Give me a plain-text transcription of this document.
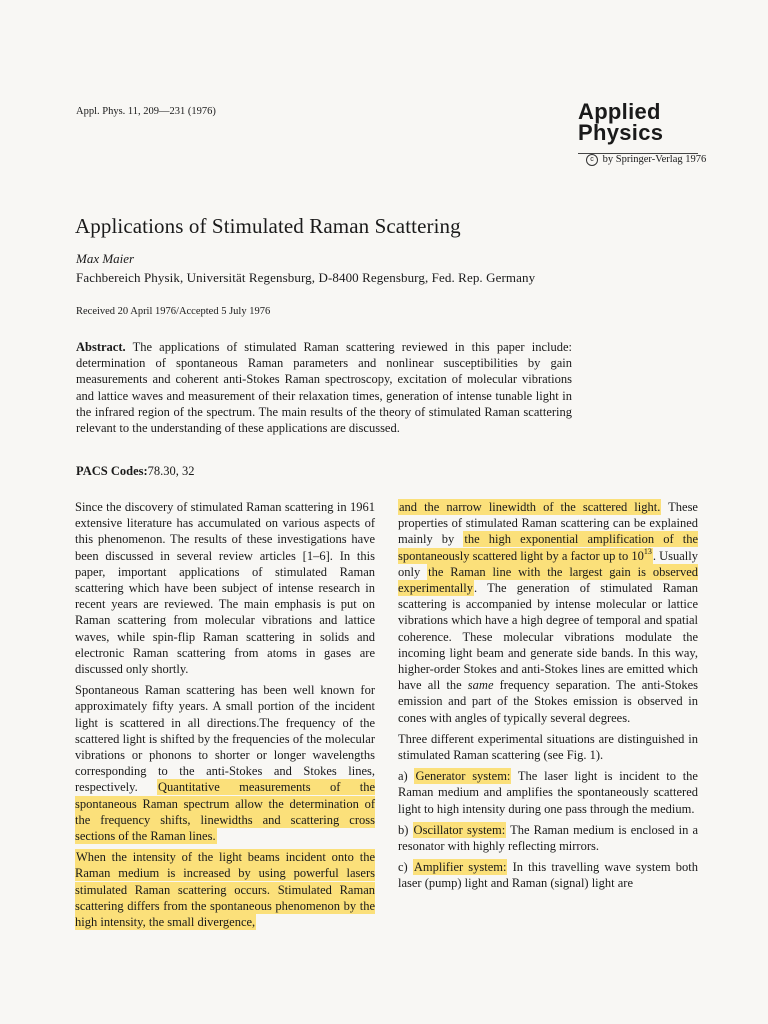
Appl. Phys. 11, 209—231 (1976)	Applied
Physics
c by Springer-Verlag 1976
Applications of Stimulated Raman Scattering
Max Maier
Fachbereich Physik, Universität Regensburg, D-8400 Regensburg, Fed. Rep. Germany
Received 20 April 1976/Accepted 5 July 1976
Abstract. The applications of stimulated Raman scattering reviewed in this paper include: determination of spontaneous Raman parameters and nonlinear susceptibilities by gain measurements and coherent anti-Stokes Raman spectroscopy, excitation of molecular vibrations and lattice waves and measurement of their relaxation times, generation of intense tunable light in the infrared region of the spectrum. The main results of the theory of stimulated Raman scattering relevant to the understanding of these applications are discussed.
PACS Codes:78.30, 32

Since the discovery of stimulated Raman scattering in 1961 extensive literature has accumulated on various aspects of this phenomenon. The results of these investigations have been discussed in several review articles [1–6]. In this paper, important applications of stimulated Raman scattering which have been subject of intense research in recent years are reviewed. The main emphasis is put on Raman scattering from molecular vibrations and lattice waves, while spin-flip Raman scattering in solids and electronic Raman scattering from atoms in gases are discussed only shortly.

Spontaneous Raman scattering has been well known for approximately fifty years. A small portion of the incident light is scattered in all directions.The frequency of the scattered light is shifted by the frequencies of the molecular vibrations or phonons to shorter or longer wavelengths corresponding to the anti-Stokes and Stokes lines, respectively. Quantitative measurements of the spontaneous Raman spectrum allow the determination of the frequency shifts, linewidths and scattering cross sections of the Raman lines.

When the intensity of the light beams incident onto the Raman medium is increased by using powerful lasers stimulated Raman scattering occurs. Stimulated Raman scattering differs from the spontaneous phenomenon by the high intensity, the small divergence,

and the narrow linewidth of the scattered light. These properties of stimulated Raman scattering can be explained mainly by the high exponential amplification of the spontaneously scattered light by a factor up to $10^{13}$. Usually only the Raman line with the largest gain is observed experimentally. The generation of stimulated Raman scattering is accompanied by intense molecular or lattice vibrations which have a high degree of temporal and spatial coherence. These molecular vibrations modulate the incoming light beam and generate side bands. In this way, higher-order Stokes and anti-Stokes lines are emitted which have all the same frequency separation. The anti-Stokes emission and part of the Stokes emission is observed in cones with angles of typically several degrees.

Three different experimental situations are distinguished in stimulated Raman scattering (see Fig. 1).

a) Generator system: The laser light is incident to the Raman medium and amplifies the spontaneously scattered light to high intensity during one pass through the medium.

b) Oscillator system: The Raman medium is enclosed in a resonator with highly reflecting mirrors.

c) Amplifier system: In this travelling wave system both laser (pump) light and Raman (signal) light are
